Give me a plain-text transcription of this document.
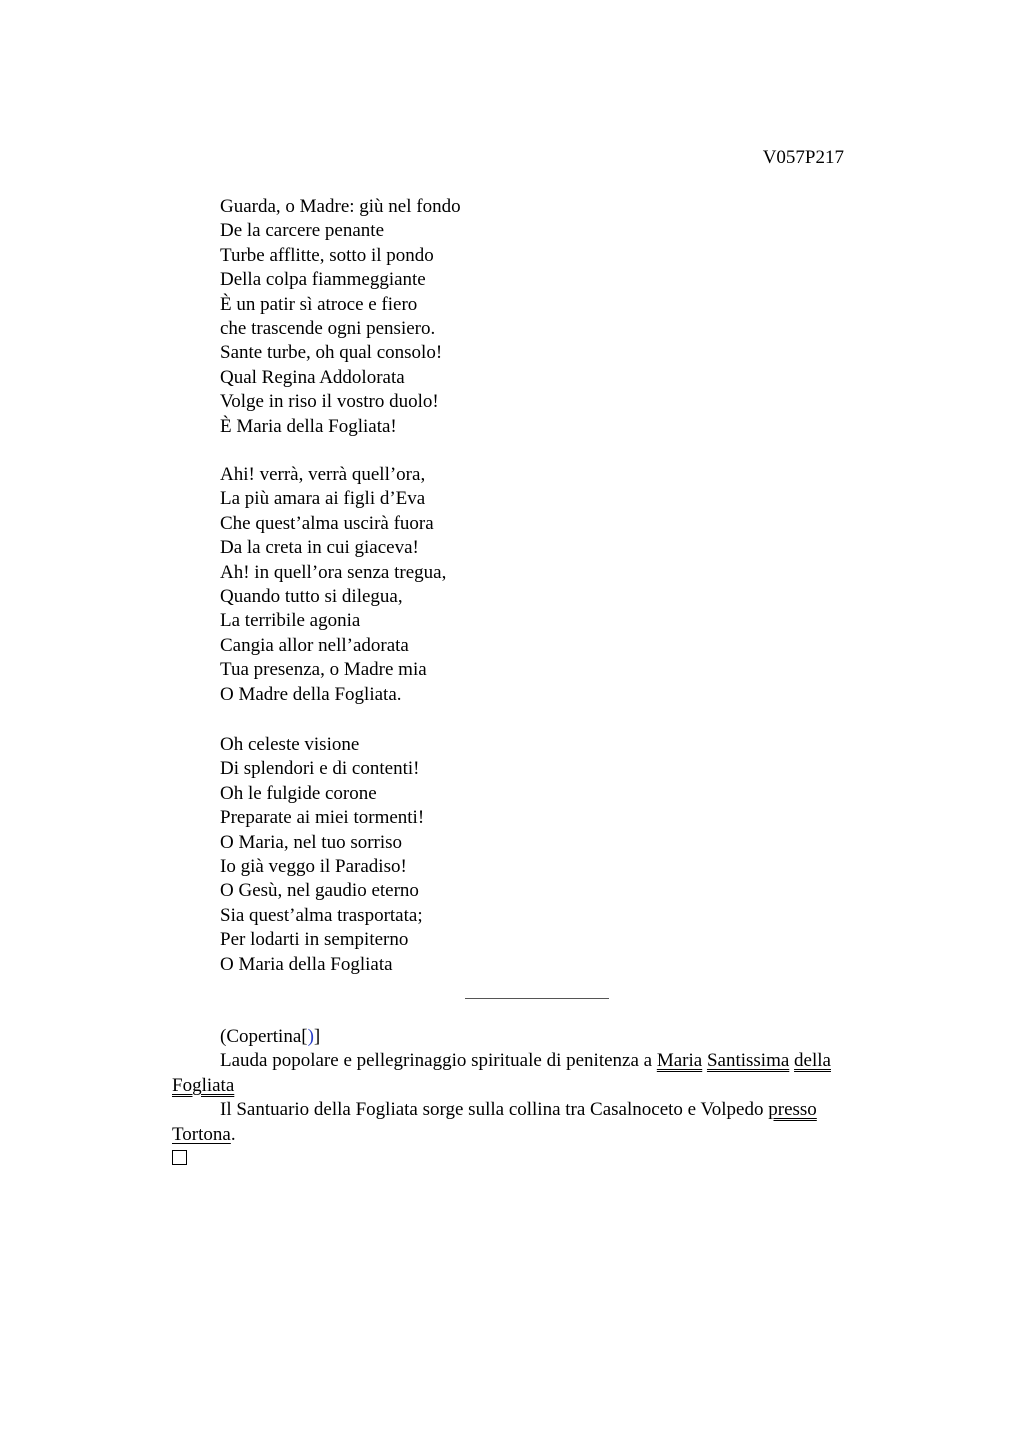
V057P217
Guarda, o Madre: giù nel fondo
De la carcere penante
Turbe afflitte, sotto il pondo
Della colpa fiammeggiante
È un patir sì atroce e fiero
che trascende ogni pensiero.
Sante turbe, oh qual consolo!
Qual Regina Addolorata
Volge in riso il vostro duolo!
È Maria della Fogliata!
Ahi! verrà, verrà quell’ora,
La più amara ai figli d’Eva
Che quest’alma uscirà fuora
Da la creta in cui giaceva!
Ah! in quell’ora senza tregua,
Quando tutto si dilegua,
La terribile agonia
Cangia allor nell’adorata
Tua presenza, o Madre mia
O Madre della Fogliata.
Oh celeste visione
Di splendori e di contenti!
Oh le fulgide corone
Preparate ai miei tormenti!
O Maria, nel tuo sorriso
Io già veggo il Paradiso!
O Gesù, nel gaudio eterno
Sia quest’alma trasportata;
Per lodarti in sempiterno
O Maria della Fogliata

(Copertina[)]

Lauda popolare e pellegrinaggio spirituale di penitenza a Maria Santissima della Fogliata

Il Santuario della Fogliata sorge sulla collina tra Casalnoceto e Volpedo presso Tortona.
